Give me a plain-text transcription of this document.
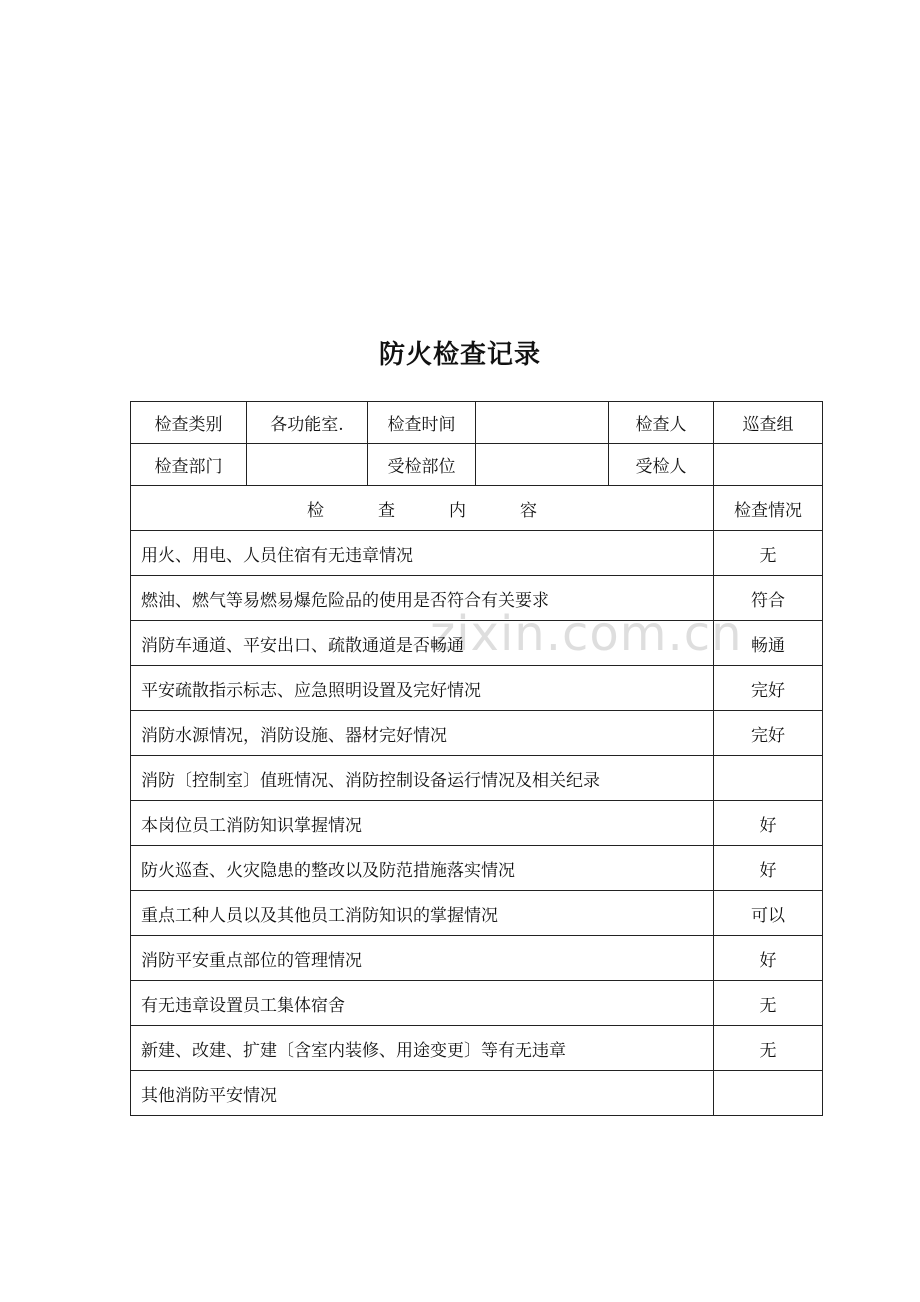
防火检查记录
检查类别	各功能室.	检查时间		检查人	巡查组
检查部门		受检部位		受检人	
检 查 内 容					检查情况
用火、用电、人员住宿有无违章情况					无
燃油、燃气等易燃易爆危险品的使用是否符合有关要求					符合
消防车通道、平安出口、疏散通道是否畅通					畅通
平安疏散指示标志、应急照明设置及完好情况					完好
消防水源情况，消防设施、器材完好情况					完好
消防〔控制室〕值班情况、消防控制设备运行情况及相关纪录					
本岗位员工消防知识掌握情况					好
防火巡查、火灾隐患的整改以及防范措施落实情况					好
重点工种人员以及其他员工消防知识的掌握情况					可以
消防平安重点部位的管理情况					好
有无违章设置员工集体宿舍					无
新建、改建、扩建〔含室内装修、用途变更〕等有无违章					无
其他消防平安情况					
zixin.com.cn
